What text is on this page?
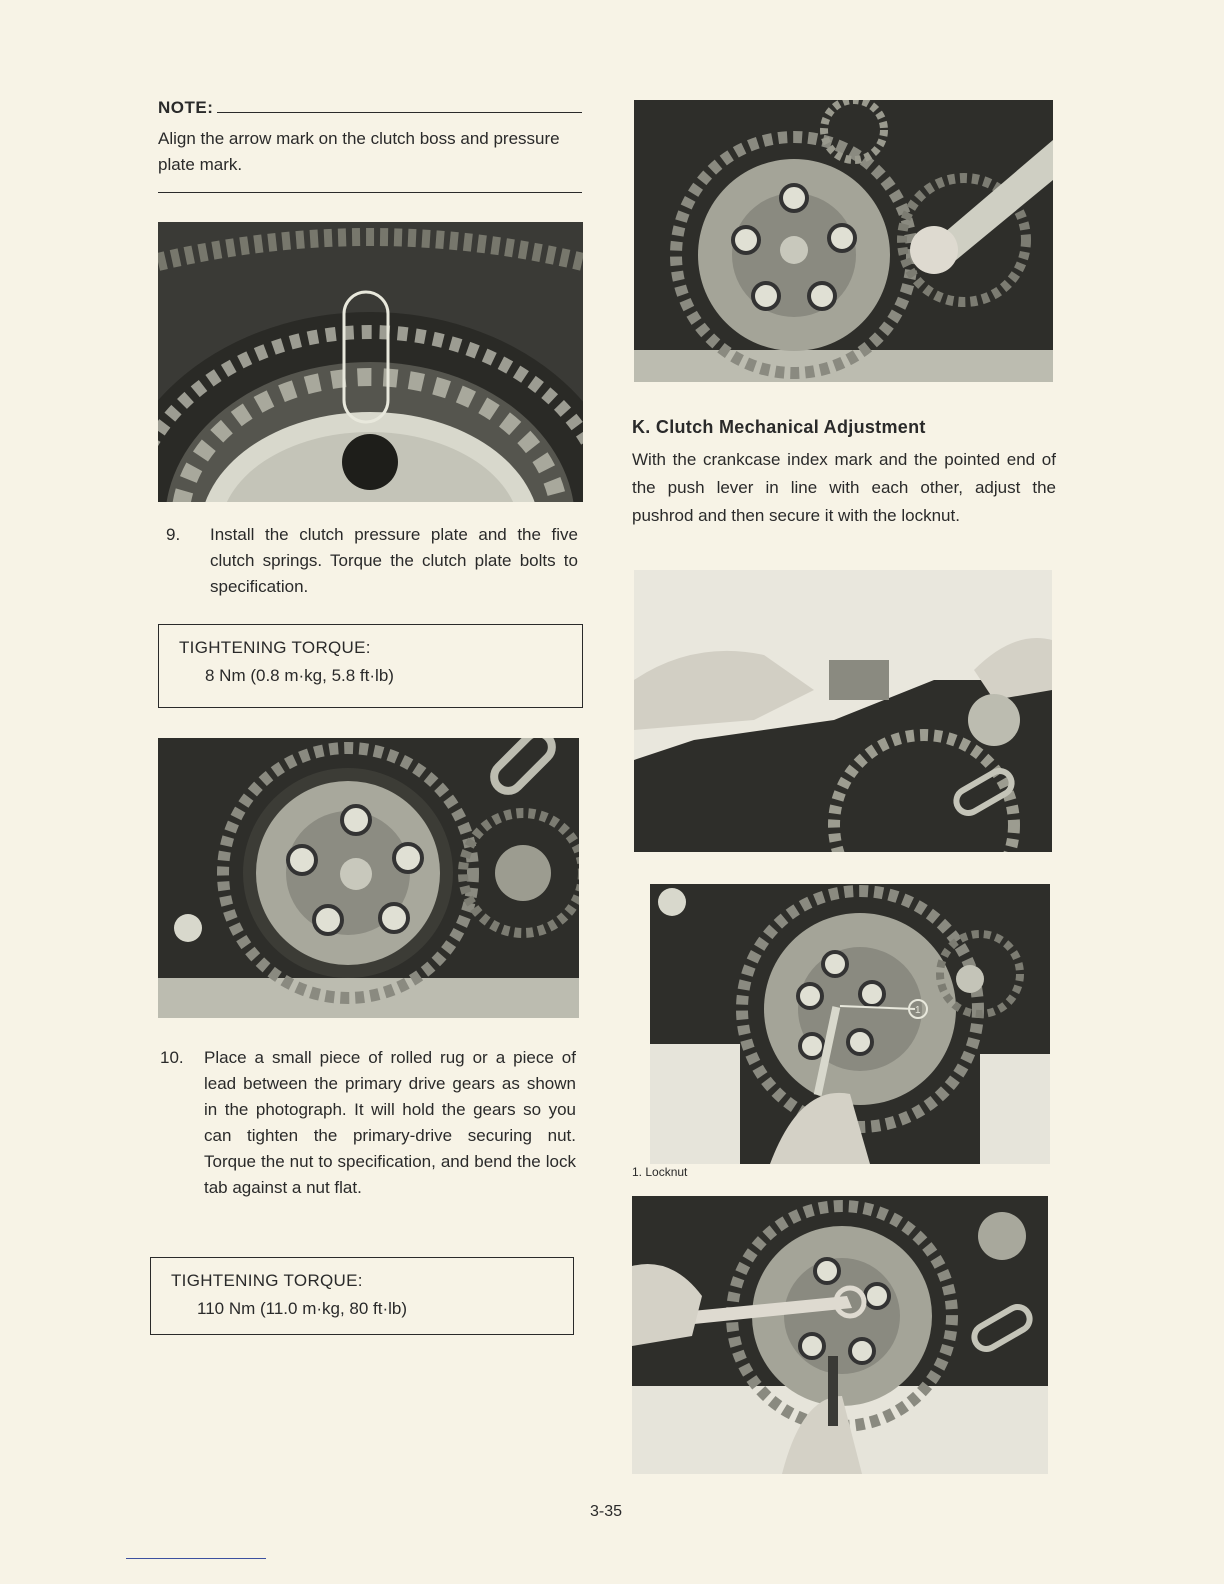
NOTE:
Align the arrow mark on the clutch boss and pressure plate mark.
9. Install the clutch pressure plate and the five clutch springs. Torque the clutch plate bolts to specification.
TIGHTENING TORQUE:
8 Nm (0.8 m·kg, 5.8 ft·lb)
10. Place a small piece of rolled rug or a piece of lead between the primary drive gears as shown in the photograph. It will hold the gears so you can tighten the primary-drive securing nut. Torque the nut to specification, and bend the lock tab against a nut flat.
TIGHTENING TORQUE:
110 Nm (11.0 m·kg, 80 ft·lb)
K. Clutch Mechanical Adjustment
With the crankcase index mark and the pointed end of the push lever in line with each other, adjust the pushrod and then secure it with the locknut.
1
1. Locknut
3-35
